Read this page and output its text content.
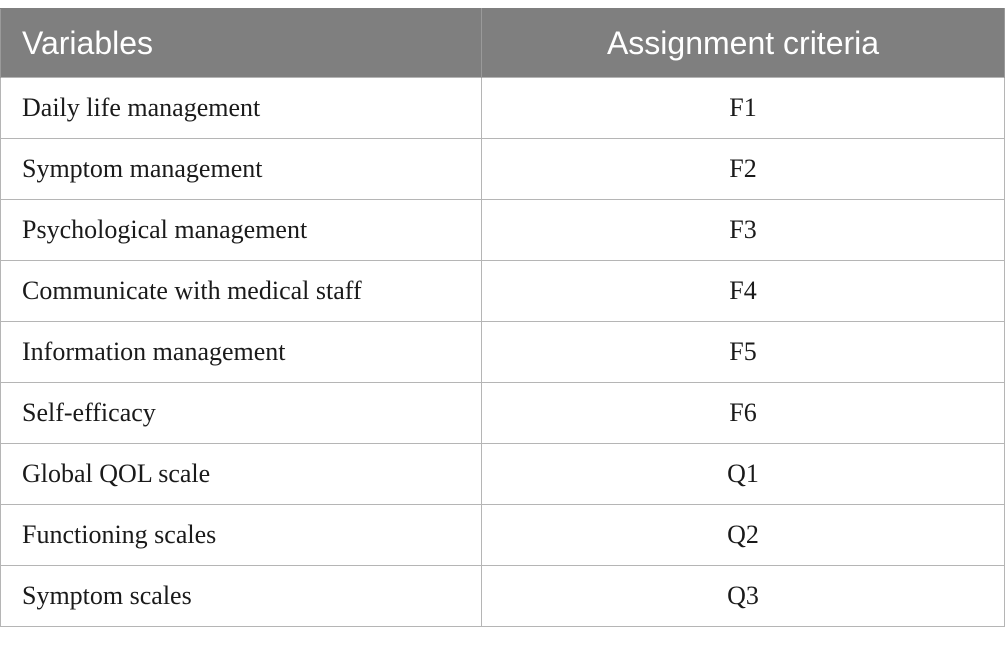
Variables	Assignment criteria
Daily life management	F1
Symptom management	F2
Psychological management	F3
Communicate with medical staff	F4
Information management	F5
Self-efficacy	F6
Global QOL scale	Q1
Functioning scales	Q2
Symptom scales	Q3
